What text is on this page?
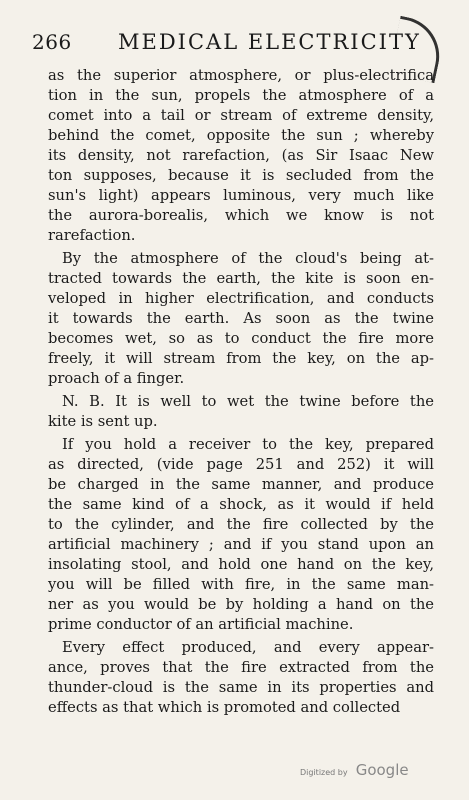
266 MEDICAL ELECTRICITY
as the superior atmosphere, or plus-electrifica
tion in the sun, propels the atmosphere of a
comet into a tail or stream of extreme density,
behind the comet, opposite the sun ; whereby
its density, not rarefaction, (as Sir Isaac New
ton supposes, because it is secluded from the
sun's light) appears luminous, very much like
the aurora-borealis, which we know is not
rarefaction.
By the atmosphere of the cloud's being at-
tracted towards the earth, the kite is soon en-
veloped in higher electrification, and conducts
it towards the earth. As soon as the twine
becomes wet, so as to conduct the fire more
freely, it will stream from the key, on the ap-
proach of a finger.
N. B. It is well to wet the twine before the
kite is sent up.
If you hold a receiver to the key, prepared
as directed, (vide page 251 and 252) it will
be charged in the same manner, and produce
the same kind of a shock, as it would if held
to the cylinder, and the fire collected by the
artificial machinery ; and if you stand upon an
insolating stool, and hold one hand on the key,
you will be filled with fire, in the same man-
ner as you would be by holding a hand on the
prime conductor of an artificial machine.
Every effect produced, and every appear-
ance, proves that the fire extracted from the
thunder-cloud is the same in its properties and
effects as that which is promoted and collected
Digitized by Google
